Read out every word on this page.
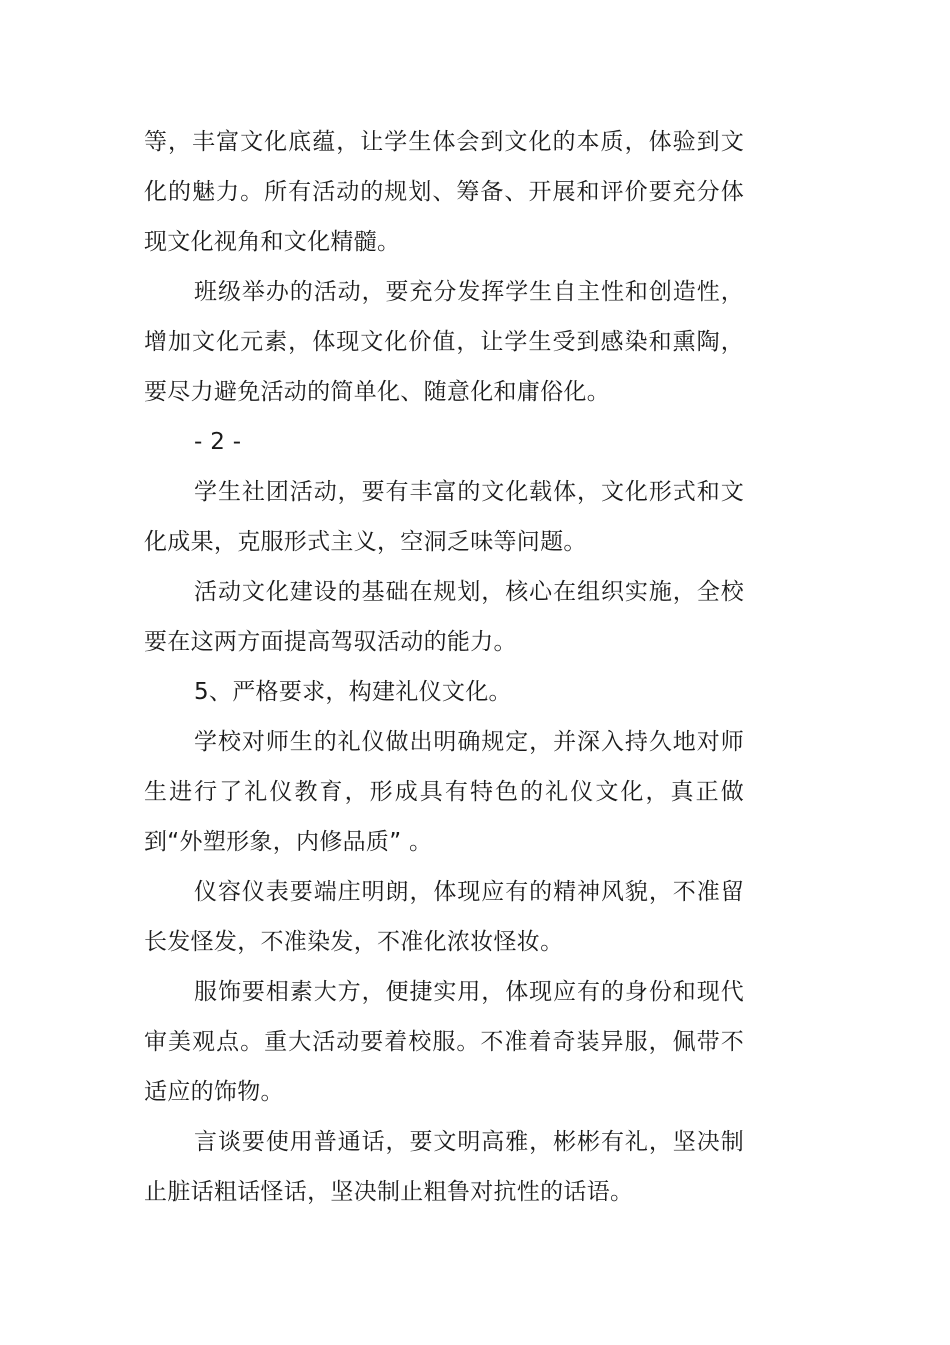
等，丰富文化底蕴，让学生体会到文化的本质，体验到文化的魅力。所有活动的规划、筹备、开展和评价要充分体现文化视角和文化精髓。

班级举办的活动，要充分发挥学生自主性和创造性，增加文化元素，体现文化价值，让学生受到感染和熏陶，要尽力避免活动的简单化、随意化和庸俗化。

- 2 -

学生社团活动，要有丰富的文化载体，文化形式和文化成果，克服形式主义，空洞乏味等问题。

活动文化建设的基础在规划，核心在组织实施，全校要在这两方面提高驾驭活动的能力。

5、严格要求，构建礼仪文化。

学校对师生的礼仪做出明确规定，并深入持久地对师生进行了礼仪教育，形成具有特色的礼仪文化，真正做到“外塑形象，内修品质” 。

仪容仪表要端庄明朗，体现应有的精神风貌，不准留长发怪发，不准染发，不准化浓妆怪妆。

服饰要相素大方，便捷实用，体现应有的身份和现代审美观点。重大活动要着校服。不准着奇装异服，佩带不适应的饰物。

言谈要使用普通话，要文明高雅，彬彬有礼，坚决制止脏话粗话怪话，坚决制止粗鲁对抗性的话语。
